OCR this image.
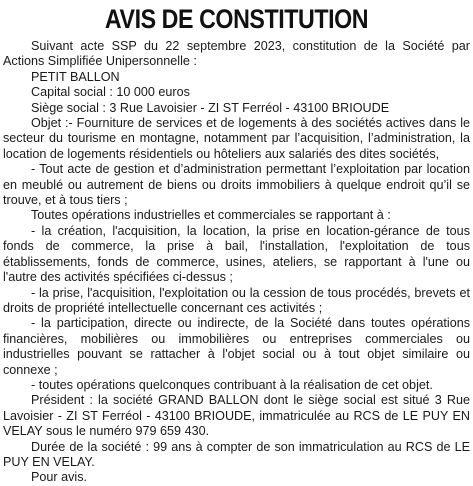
AVIS DE CONSTITUTION

Suivant acte SSP du 22 septembre 2023, constitution de la Société par Actions Simplifiée Unipersonnelle :

PETIT BALLON

Capital social : 10 000 euros

Siège social : 3 Rue Lavoisier - ZI ST Ferréol - 43100 BRIOUDE

Objet :- Fourniture de services et de logements à des sociétés actives dans le secteur du tourisme en montagne, notamment par l’acquisition, l’administration, la location de logements résidentiels ou hôteliers aux salariés des dites sociétés,

- Tout acte de gestion et d’administration permettant l’exploitation par location en meublé ou autrement de biens ou droits immobiliers à quelque endroit qu’il se trouve, et à tous tiers ;

Toutes opérations industrielles et commerciales se rapportant à :

- la création, l'acquisition, la location, la prise en location-gérance de tous fonds de commerce, la prise à bail, l'installation, l'exploitation de tous établissements, fonds de commerce, usines, ateliers, se rapportant à l'une ou l'autre des activités spécifiées ci-dessus ;

- la prise, l'acquisition, l'exploitation ou la cession de tous procédés, brevets et droits de propriété intellectuelle concernant ces activités ;

- la participation, directe ou indirecte, de la Société dans toutes opérations financières, mobilières ou immobilières ou entreprises commerciales ou industrielles pouvant se rattacher à l'objet social ou à tout objet similaire ou connexe ;

- toutes opérations quelconques contribuant à la réalisation de cet objet.

Président : la société GRAND BALLON dont le siège social est situé 3 Rue Lavoisier - ZI ST Ferréol - 43100 BRIOUDE, immatriculée au RCS de LE PUY EN VELAY sous le numéro 979 659 430.

Durée de la société : 99 ans à compter de son immatriculation au RCS de LE PUY EN VELAY.

Pour avis.
